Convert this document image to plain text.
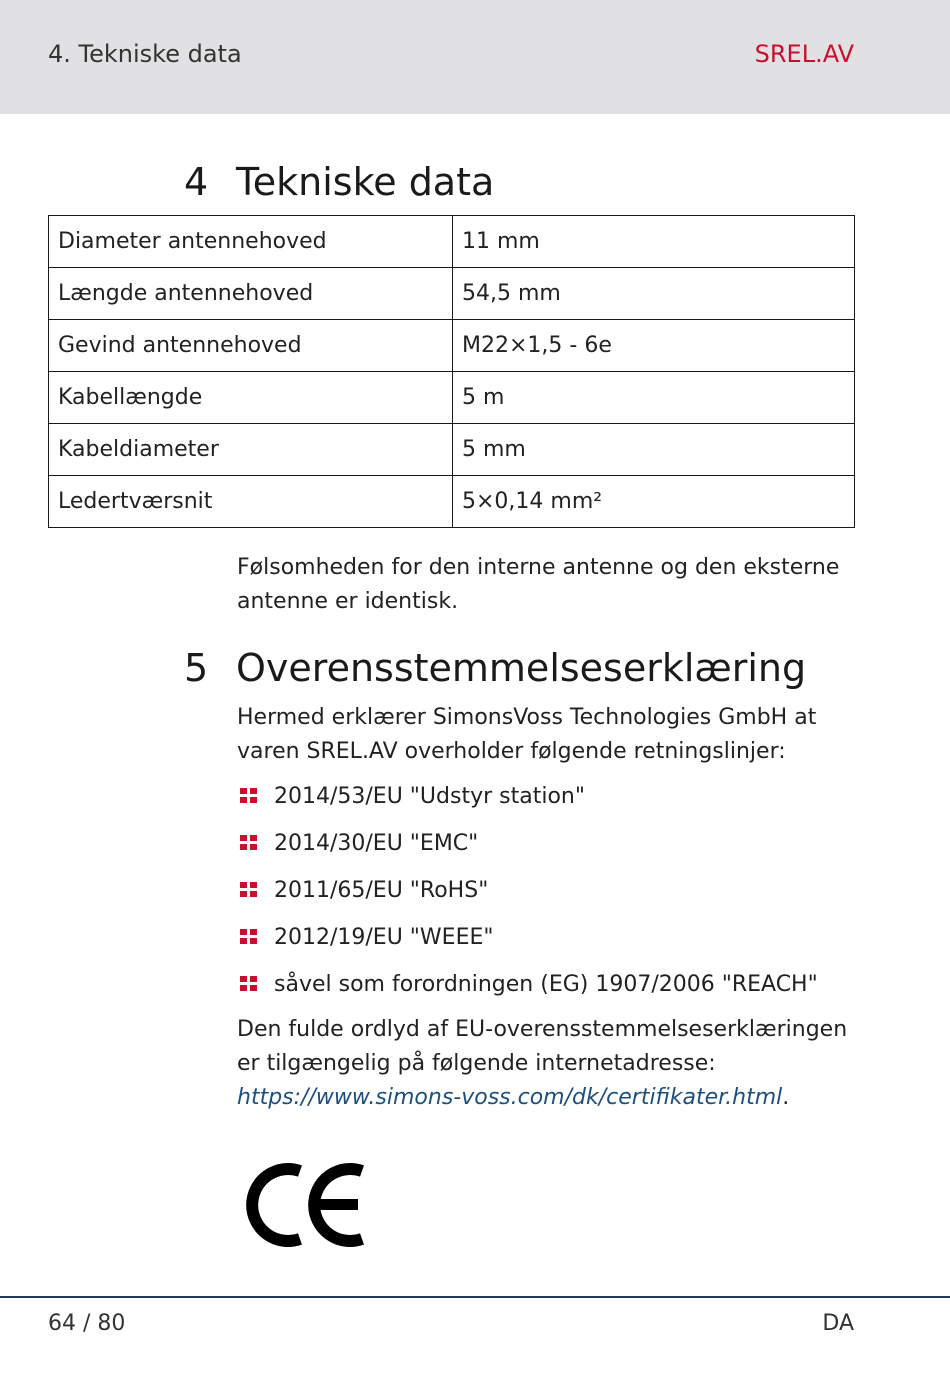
4. Tekniske data	SREL.AV
4 Tekniske data
Diameter antennehoved	11 mm
Længde antennehoved	54,5 mm
Gevind antennehoved	M22×1,5 - 6e
Kabellængde	5 m
Kabeldiameter	5 mm
Ledertværsnit	5×0,14 mm²
Følsomheden for den interne antenne og den eksterne antenne er identisk.
5 Overensstemmelseserklæring
Hermed erklærer SimonsVoss Technologies GmbH at varen SREL.AV overholder følgende retningslinjer:
2014/53/EU "Udstyr station"
2014/30/EU "EMC"
2011/65/EU "RoHS"
2012/19/EU "WEEE"
såvel som forordningen (EG) 1907/2006 "REACH"
Den fulde ordlyd af EU-overensstemmelseserklæringen er tilgængelig på følgende internetadresse: https://www.simons-voss.com/dk/certifikater.html.
64 / 80	DA
